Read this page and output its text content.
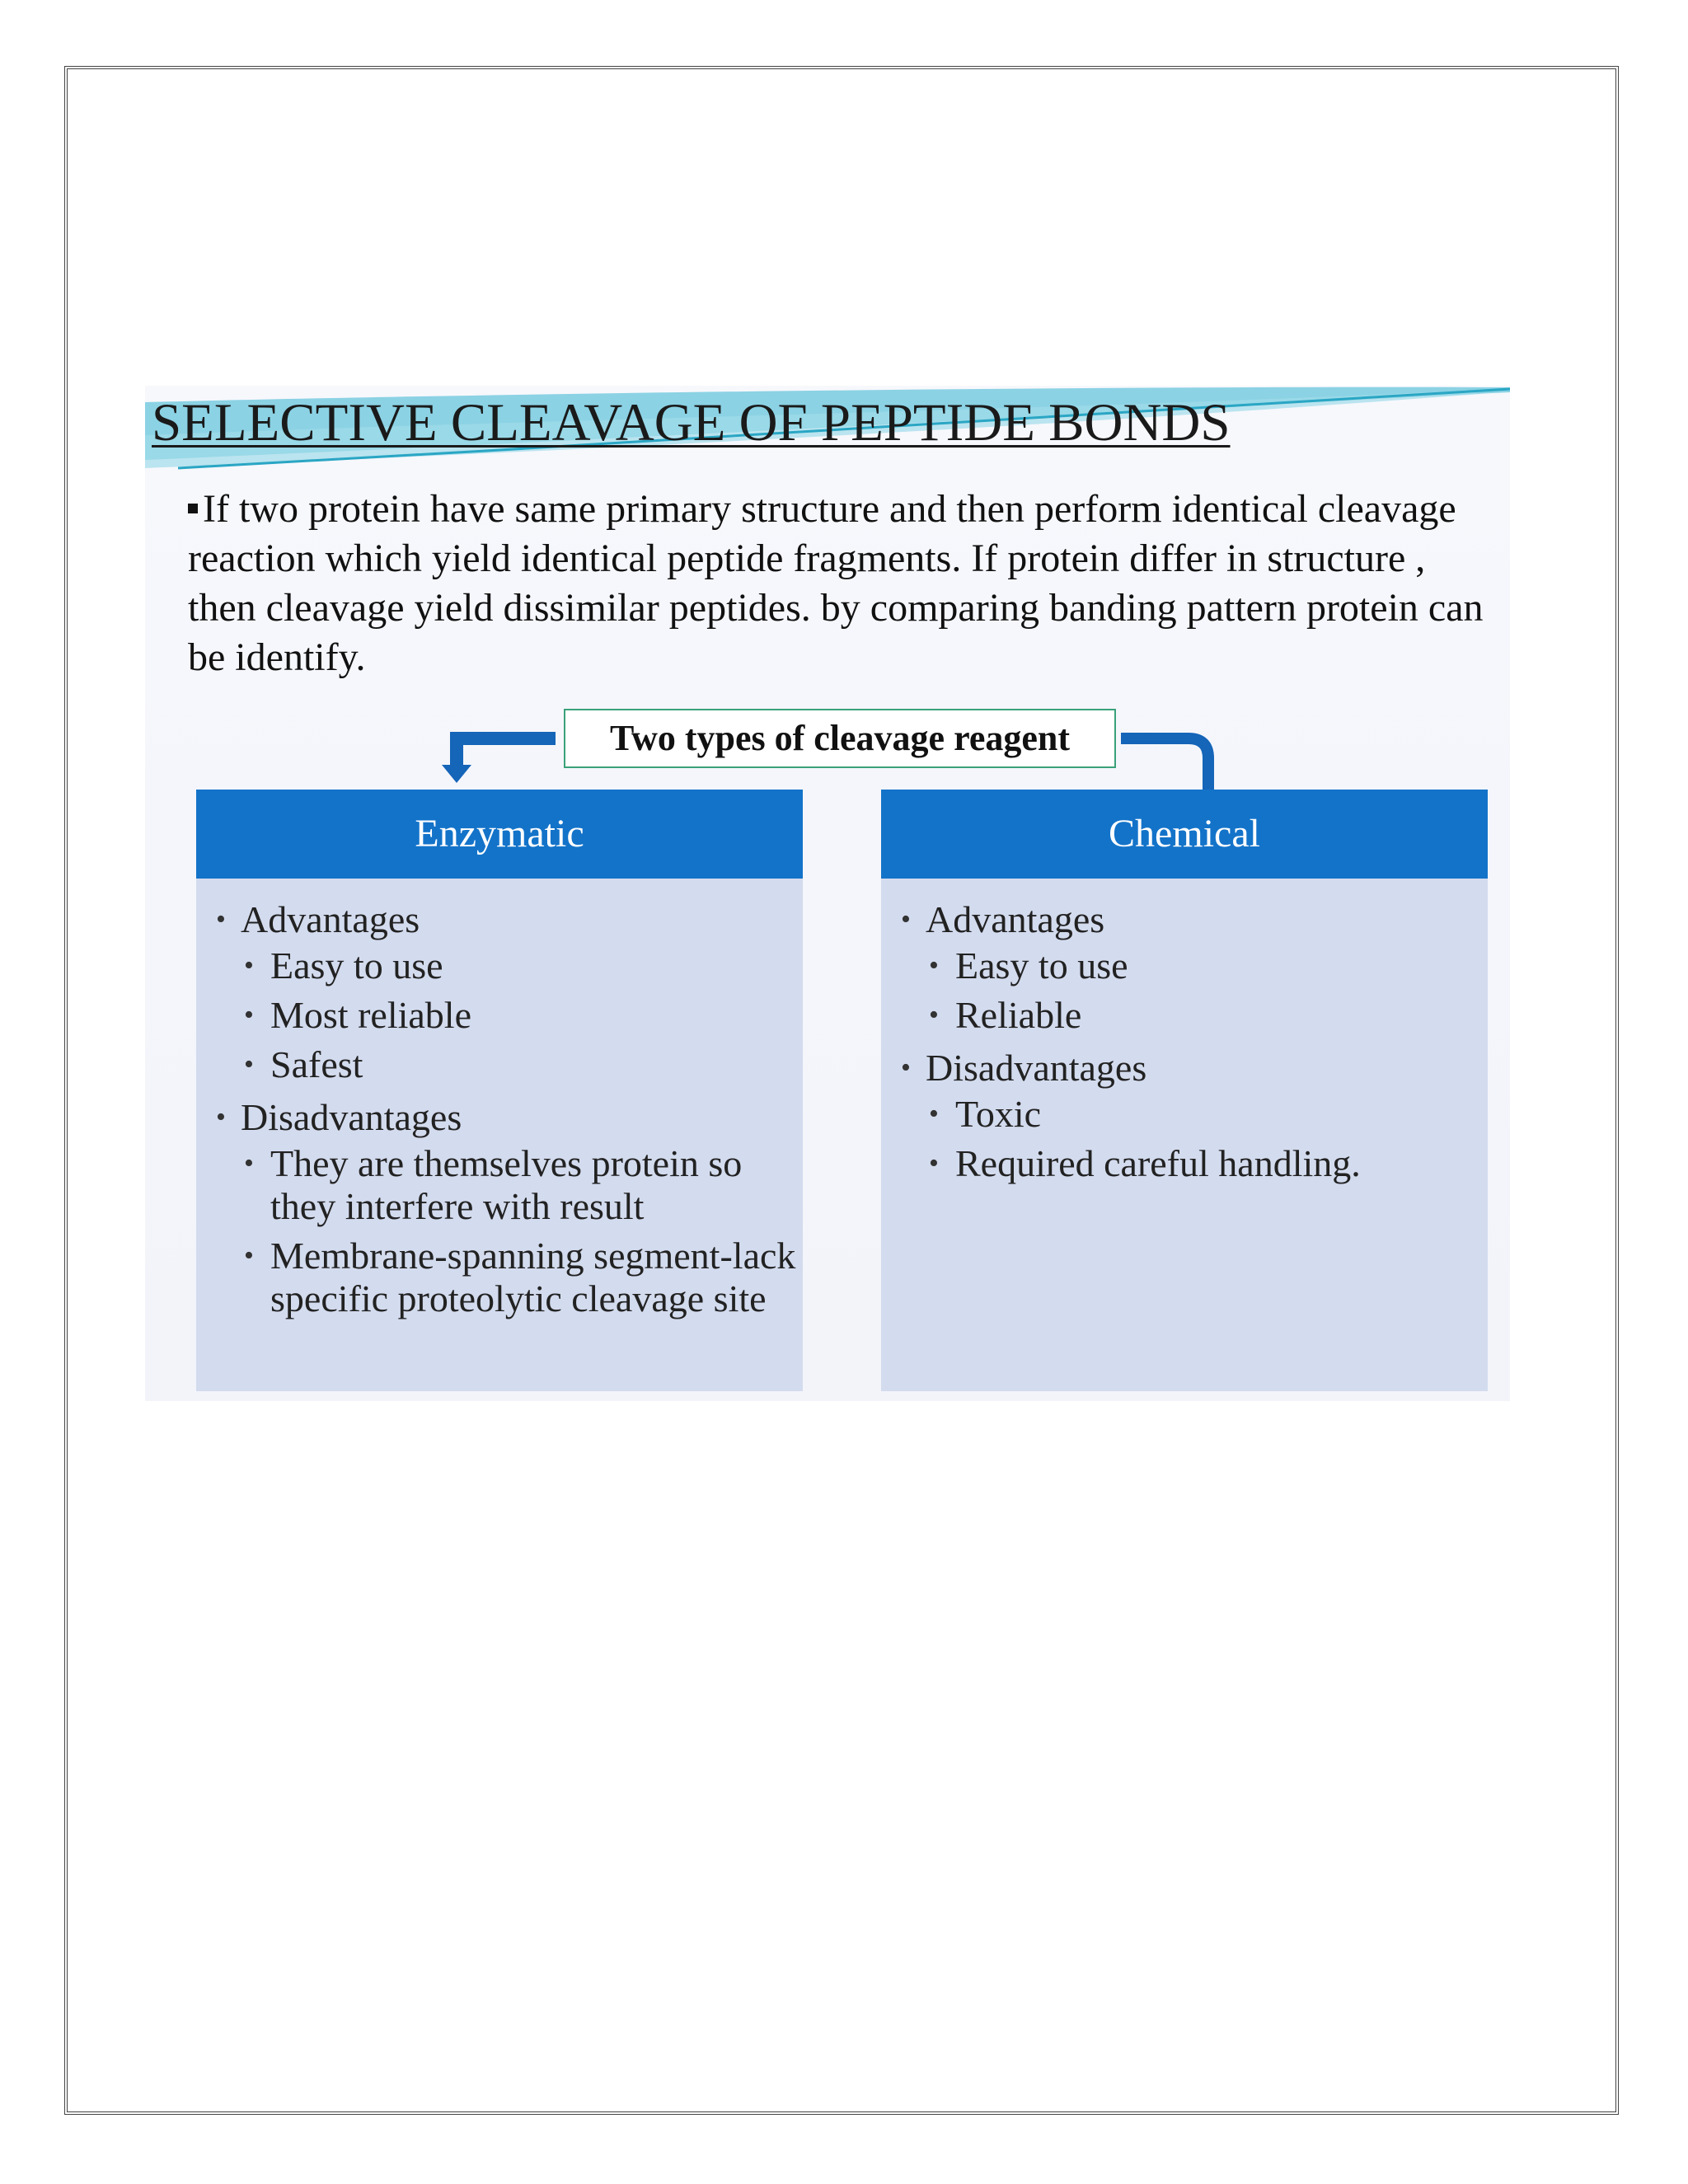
SELECTIVE CLEAVAGE OF PEPTIDE BONDS
If two protein have same primary structure and then perform identical cleavage reaction which yield identical peptide fragments. If protein differ in structure , then cleavage yield dissimilar peptides. by comparing banding pattern protein can be identify.
Two types of cleavage reagent
Enzymatic
• Advantages
• Easy to use
• Most reliable
• Safest
• Disadvantages
• They are themselves protein so they interfere with result
• Membrane-spanning segment-lack specific proteolytic cleavage site
Chemical
• Advantages
• Easy to use
• Reliable
• Disadvantages
• Toxic
• Required careful handling.
